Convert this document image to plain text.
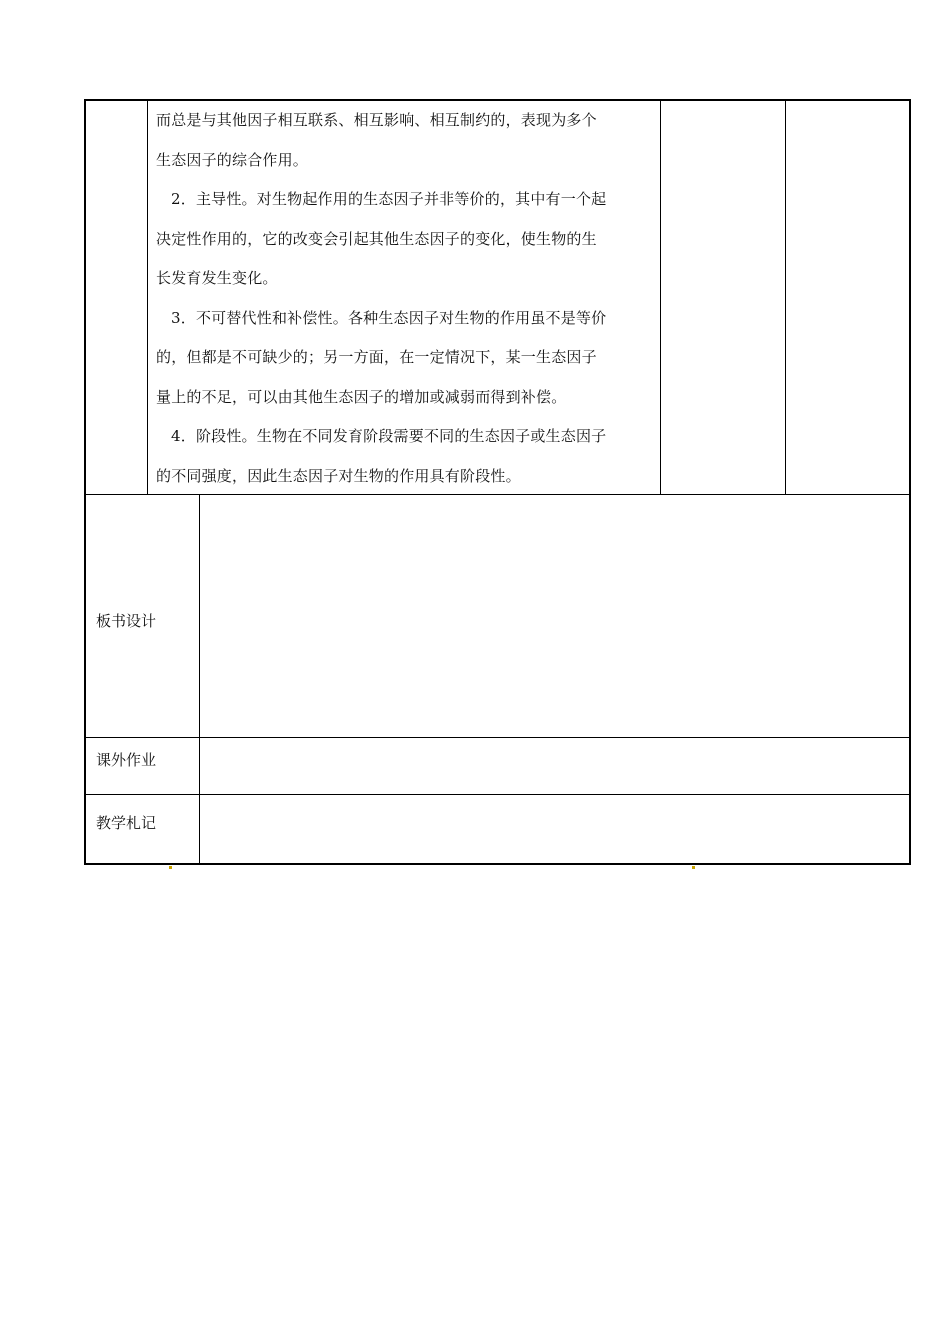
而总是与其他因子相互联系、相互影响、相互制约的，表现为多个

生态因子的综合作用。

2．主导性。对生物起作用的生态因子并非等价的，其中有一个起

决定性作用的，它的改变会引起其他生态因子的变化，使生物的生

长发育发生变化。

3．不可替代性和补偿性。各种生态因子对生物的作用虽不是等价

的，但都是不可缺少的；另一方面，在一定情况下，某一生态因子

量上的不足，可以由其他生态因子的增加或减弱而得到补偿。

4．阶段性。生物在不同发育阶段需要不同的生态因子或生态因子

的不同强度，因此生态因子对生物的作用具有阶段性。

板书设计
课外作业
教学札记
